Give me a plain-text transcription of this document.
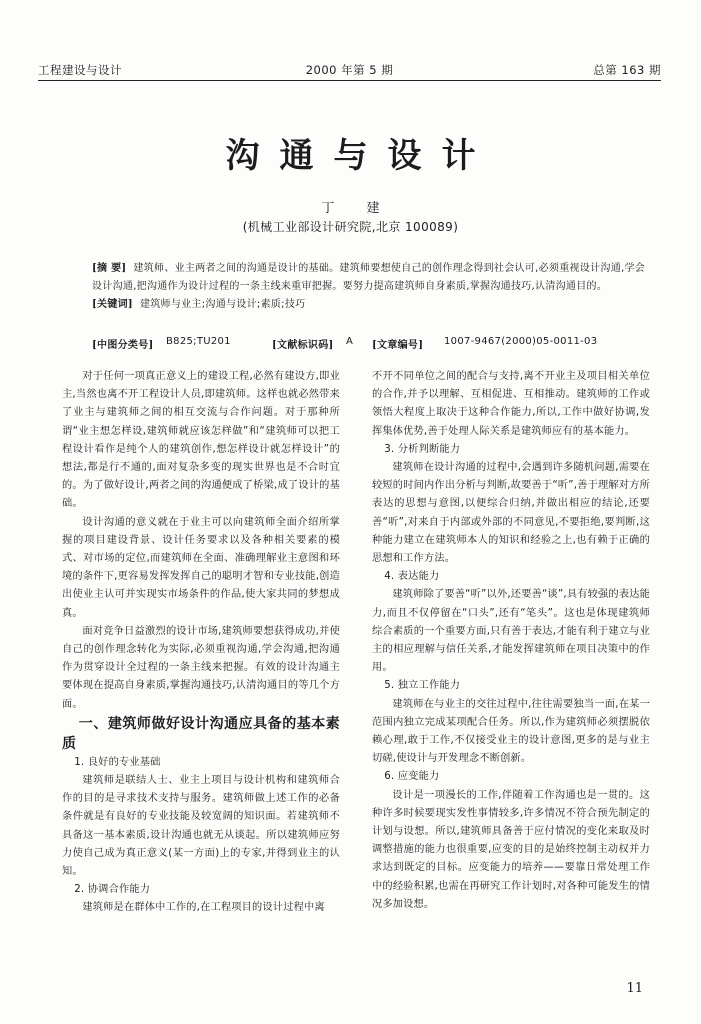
工程建设与设计	2000 年第 5 期	总第 163 期
沟通与设计
丁 建
(机械工业部设计研究院,北京 100089)

[摘 要] 建筑师、业主两者之间的沟通是设计的基础。建筑师要想使自己的创作理念得到社会认可,必须重视设计沟通,学会设计沟通,把沟通作为设计过程的一条主线来重审把握。要努力提高建筑师自身素质,掌握沟通技巧,认清沟通目的。

[关键词] 建筑师与业主;沟通与设计;素质;技巧

[中图分类号] B825;TU201	[文献标识码] A [文章编号] 1007-9467(2000)05-0011-03

对于任何一项真正意义上的建设工程,必然有建设方,即业主,当然也离不开工程设计人员,即建筑师。这样也就必然带来了业主与建筑师之间的相互交流与合作问题。对于那种所谓“业主想怎样设,建筑师就应该怎样做”和“建筑师可以把工程设计看作是纯个人的建筑创作,想怎样设计就怎样设计”的想法,都是行不通的,面对复杂多变的现实世界也是不合时宜的。为了做好设计,两者之间的沟通便成了桥梁,成了设计的基础。

设计沟通的意义就在于业主可以向建筑师全面介绍所掌握的项目建设背景、设计任务要求以及各种相关要素的模式、对市场的定位,而建筑师在全面、准确理解业主意图和环境的条件下,更容易发挥发挥自己的聪明才智和专业技能,创造出使业主认可并实现实市场条件的作品,使大家共同的梦想成真。

面对竞争日益激烈的设计市场,建筑师要想获得成功,并使自己的创作理念转化为实际,必须重视沟通,学会沟通,把沟通作为贯穿设计全过程的一条主线来把握。有效的设计沟通主要体现在提高自身素质,掌握沟通技巧,认清沟通目的等几个方面。

一、建筑师做好设计沟通应具备的基本素质

1. 良好的专业基础

建筑师是联结人士、业主上项目与设计机构和建筑师合作的目的是寻求技术支持与服务。建筑师做上述工作的必备条件就是有良好的专业技能及较宽阔的知识面。若建筑师不具备这一基本素质,设计沟通也就无从谈起。所以建筑师应努力使自己成为真正意义(某一方面)上的专家,并得到业主的认知。

2. 协调合作能力

建筑师是在群体中工作的,在工程项目的设计过程中离

不开不同单位之间的配合与支持,离不开业主及项目相关单位的合作,并予以理解、互相促进、互相推动。建筑师的工作或领悟大程度上取决于这种合作能力,所以,工作中做好协调,发挥集体优势,善于处理人际关系是建筑师应有的基本能力。

3. 分析判断能力

建筑师在设计沟通的过程中,会遇到许多随机问题,需要在较短的时间内作出分析与判断,故要善于“听”,善于理解对方所表达的思想与意图,以便综合归纳,并做出相应的结论,还要善“听”,对来自于内部或外部的不同意见,不要拒绝,要判断,这种能力建立在建筑师本人的知识和经验之上,也有赖于正确的思想和工作方法。

4. 表达能力

建筑师除了要善“听”以外,还要善“谈”,具有较强的表达能力,而且不仅停留在“口头”,还有“笔头”。这也是体现建筑师综合素质的一个重要方面,只有善于表达,才能有利于建立与业主的相应理解与信任关系,才能发挥建筑师在项目决策中的作用。

5. 独立工作能力

建筑师在与业主的交往过程中,往往需要独当一面,在某一范围内独立完成某项配合任务。所以,作为建筑师必须摆脱依赖心理,敢于工作,不仅接受业主的设计意图,更多的是与业主切磋,使设计与开发理念不断创新。

6. 应变能力

设计是一项漫长的工作,伴随着工作沟通也是一贯的。这种许多时候要现实发性事情较多,许多情况不符合预先制定的计划与设想。所以,建筑师具备善于应付情况的变化来取及时调整措施的能力也很重要,应变的目的是始终控制主动权并力求达到既定的目标。应变能力的培养——要靠日常处理工作中的经验积累,也需在再研究工作计划时,对各种可能发生的情况多加设想。

11
